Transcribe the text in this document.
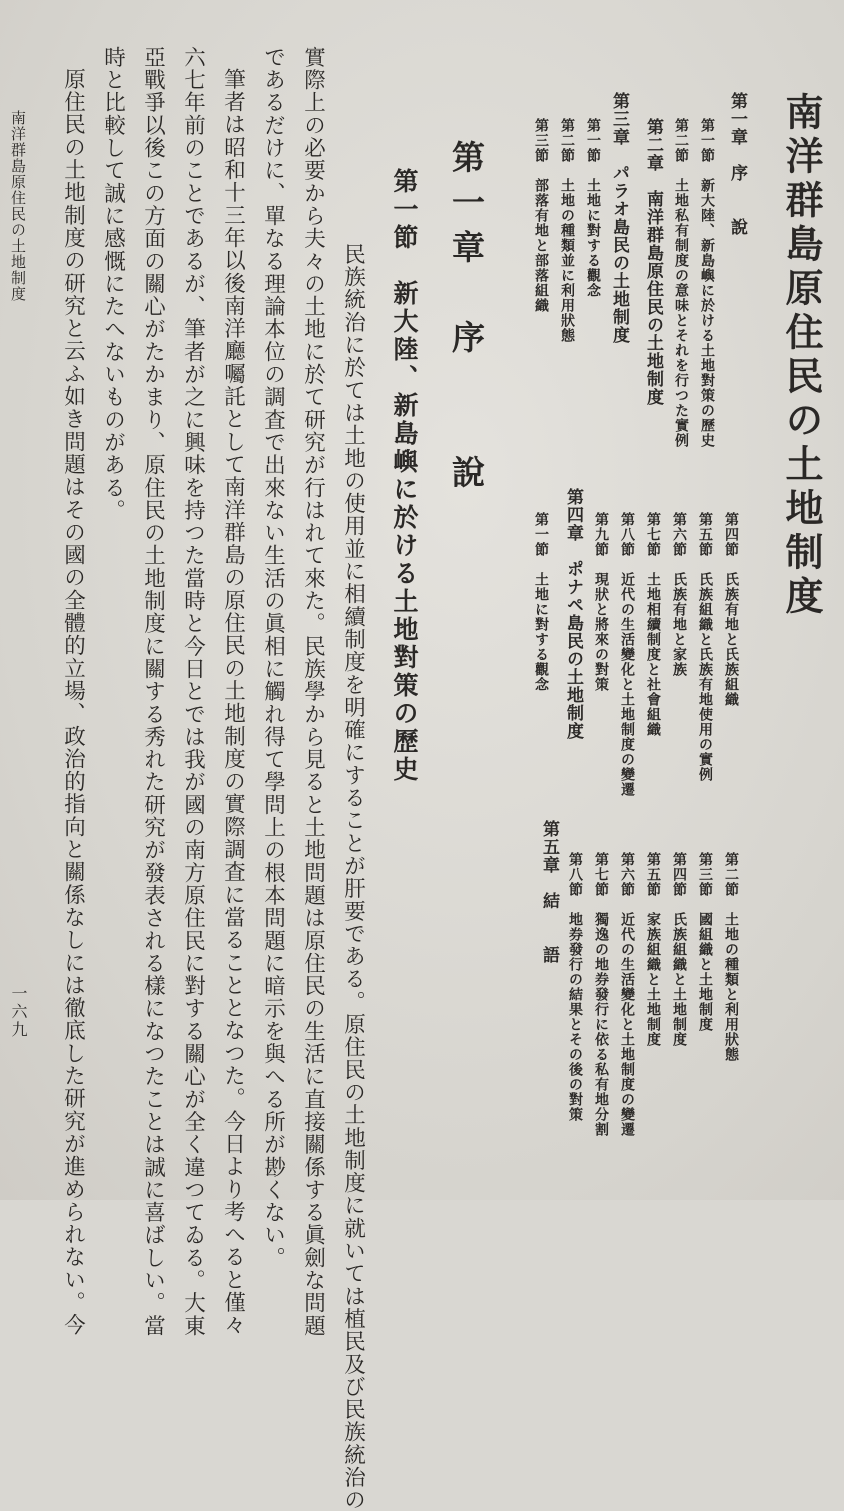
南洋群島原住民の土地制度
第一章　序　　說
第一節　新大陸、新島嶼に於ける土地對策の歷史
第二節　土地私有制度の意味とそれを行つた實例
第二章　南洋群島原住民の土地制度
第三章　パラオ島民の土地制度
第一節　土地に對する觀念
第二節　土地の種類並に利用狀態
第三節　部落有地と部落組織
第四節　氏族有地と氏族組織
第五節　氏族組織と氏族有地使用の實例
第六節　氏族有地と家族
第七節　土地相續制度と社會組織
第八節　近代の生活變化と土地制度の變遷
第九節　現狀と將來の對策
第四章　ポナペ島民の土地制度
第一節　土地に對する觀念
第二節　土地の種類と利用狀態
第三節　國組織と土地制度
第四節　氏族組織と土地制度
第五節　家族組織と土地制度
第六節　近代の生活變化と土地制度の變遷
第七節　獨逸の地券發行に依る私有地分割
第八節　地券發行の結果とその後の對策
第五章　結　　語
第一章　序　　說
第一節　新大陸、新島嶼に於ける土地對策の歷史
民族統治に於ては土地の使用並に相續制度を明確にすることが肝要である。原住民の土地制度に就いては植民及び民族統治の
實際上の必要から夫々の土地に於て研究が行はれて來た。民族學から見ると土地問題は原住民の生活に直接關係する眞劍な問題
であるだけに、單なる理論本位の調査で出來ない生活の眞相に觸れ得て學問上の根本問題に暗示を與へる所が尠くない。
筆者は昭和十三年以後南洋廳囑託として南洋群島の原住民の土地制度の實際調査に當ることとなつた。今日より考へると僅々
六七年前のことであるが、筆者が之に興味を持つた當時と今日とでは我が國の南方原住民に對する關心が全く違つてゐる。大東
亞戰爭以後この方面の關心がたかまり、原住民の土地制度に關する秀れた研究が發表される樣になつたことは誠に喜ばしい。當
時と比較して誠に感慨にたへないものがある。
原住民の土地制度の研究と云ふ如き問題はその國の全體的立場、政治的指向と關係なしには徹底した研究が進められない。今
南洋群島原住民の土地制度
一六九
